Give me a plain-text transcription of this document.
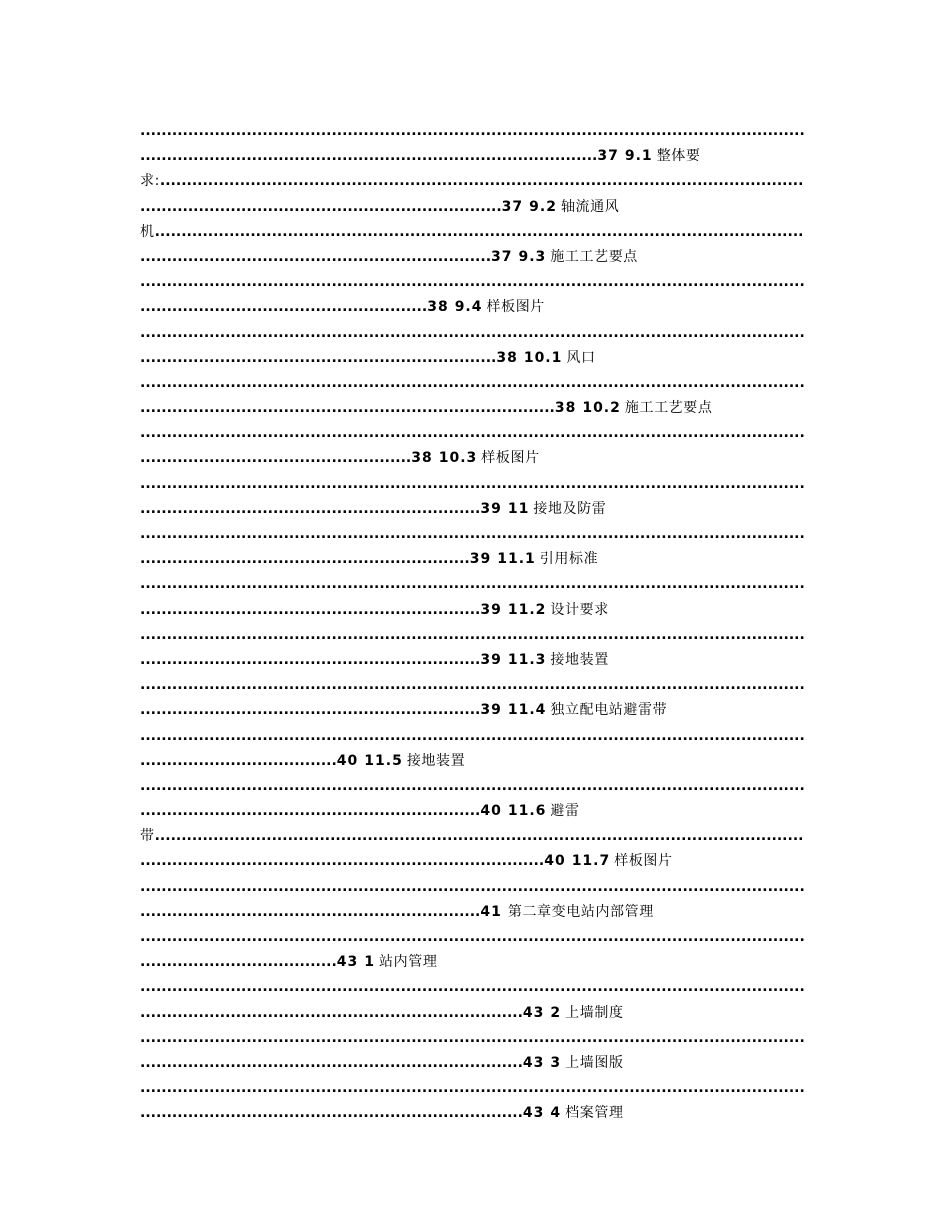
.............................................................................................................................
......................................................................................37 9.1 整体要
求:.........................................................................................................................
....................................................................37 9.2 轴流通风
机..........................................................................................................................
..................................................................37 9.3 施工工艺要点
.............................................................................................................................
......................................................38 9.4 样板图片
.............................................................................................................................
...................................................................38 10.1 风口
.............................................................................................................................
..............................................................................38 10.2 施工工艺要点
.............................................................................................................................
...................................................38 10.3 样板图片
.............................................................................................................................
................................................................39 11 接地及防雷
.............................................................................................................................
..............................................................39 11.1 引用标准
.............................................................................................................................
................................................................39 11.2 设计要求
.............................................................................................................................
................................................................39 11.3 接地装置
.............................................................................................................................
................................................................39 11.4 独立配电站避雷带
.............................................................................................................................
.....................................40 11.5 接地装置
.............................................................................................................................
................................................................40 11.6 避雷
带..........................................................................................................................
............................................................................40 11.7 样板图片
.............................................................................................................................
................................................................41 第二章变电站内部管理
.............................................................................................................................
.....................................43 1 站内管理
.............................................................................................................................
........................................................................43 2 上墙制度
.............................................................................................................................
........................................................................43 3 上墙图版
.............................................................................................................................
........................................................................43 4 档案管理
